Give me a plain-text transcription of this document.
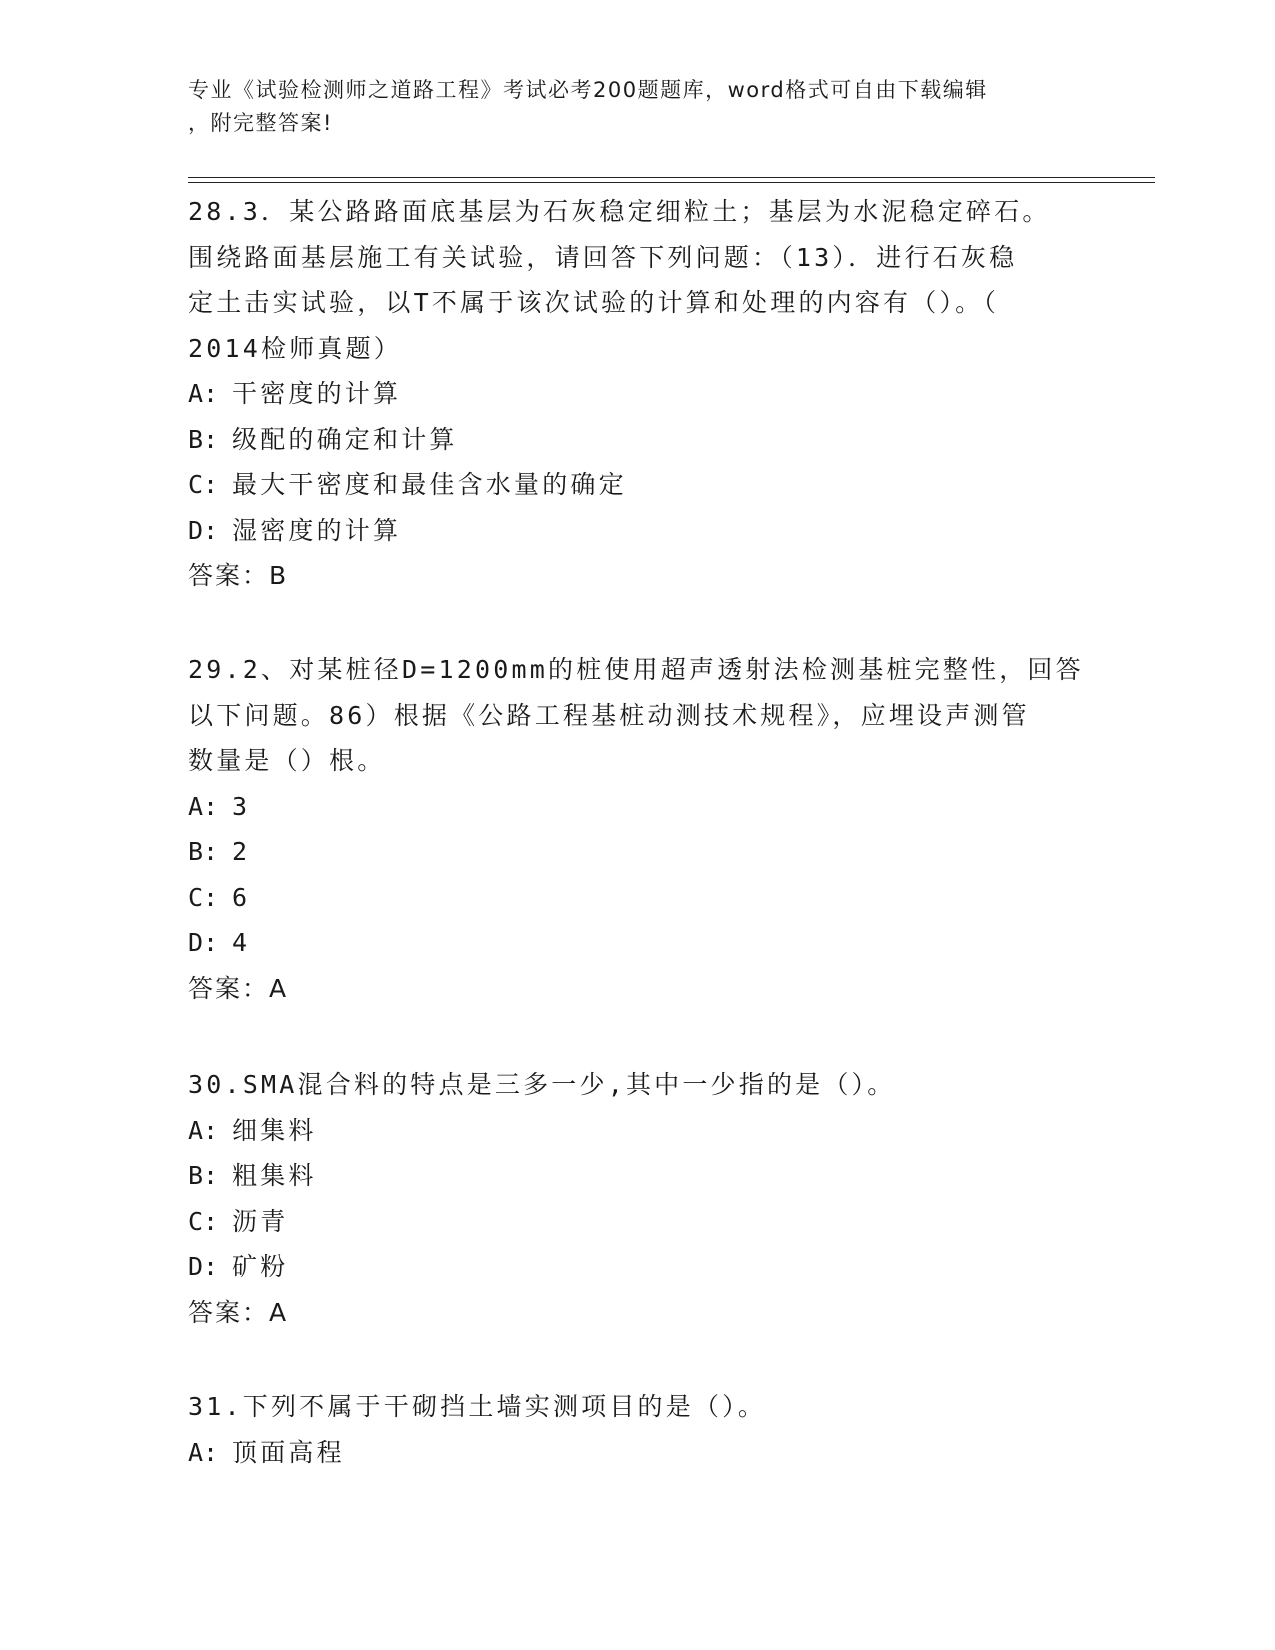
专业《试验检测师之道路工程》考试必考200题题库，word格式可自由下载编辑
，附完整答案!

28.3．某公路路面底基层为石灰稳定细粒土；基层为水泥稳定碎石。

围绕路面基层施工有关试验，请回答下列问题：（13）．进行石灰稳

定土击实试验，以T不属于该次试验的计算和处理的内容有（）。（

2014检师真题）

A: 干密度的计算

B: 级配的确定和计算

C: 最大干密度和最佳含水量的确定

D: 湿密度的计算

答案：B

29.2、对某桩径D=1200mm的桩使用超声透射法检测基桩完整性，回答

以下问题。86）根据《公路工程基桩动测技术规程》，应埋设声测管

数量是（）根。

A: 3

B: 2

C: 6

D: 4

答案：A

30.SMA混合料的特点是三多一少,其中一少指的是（）。

A: 细集料

B: 粗集料

C: 沥青

D: 矿粉

答案：A

31.下列不属于干砌挡土墙实测项目的是（）。

A: 顶面高程
